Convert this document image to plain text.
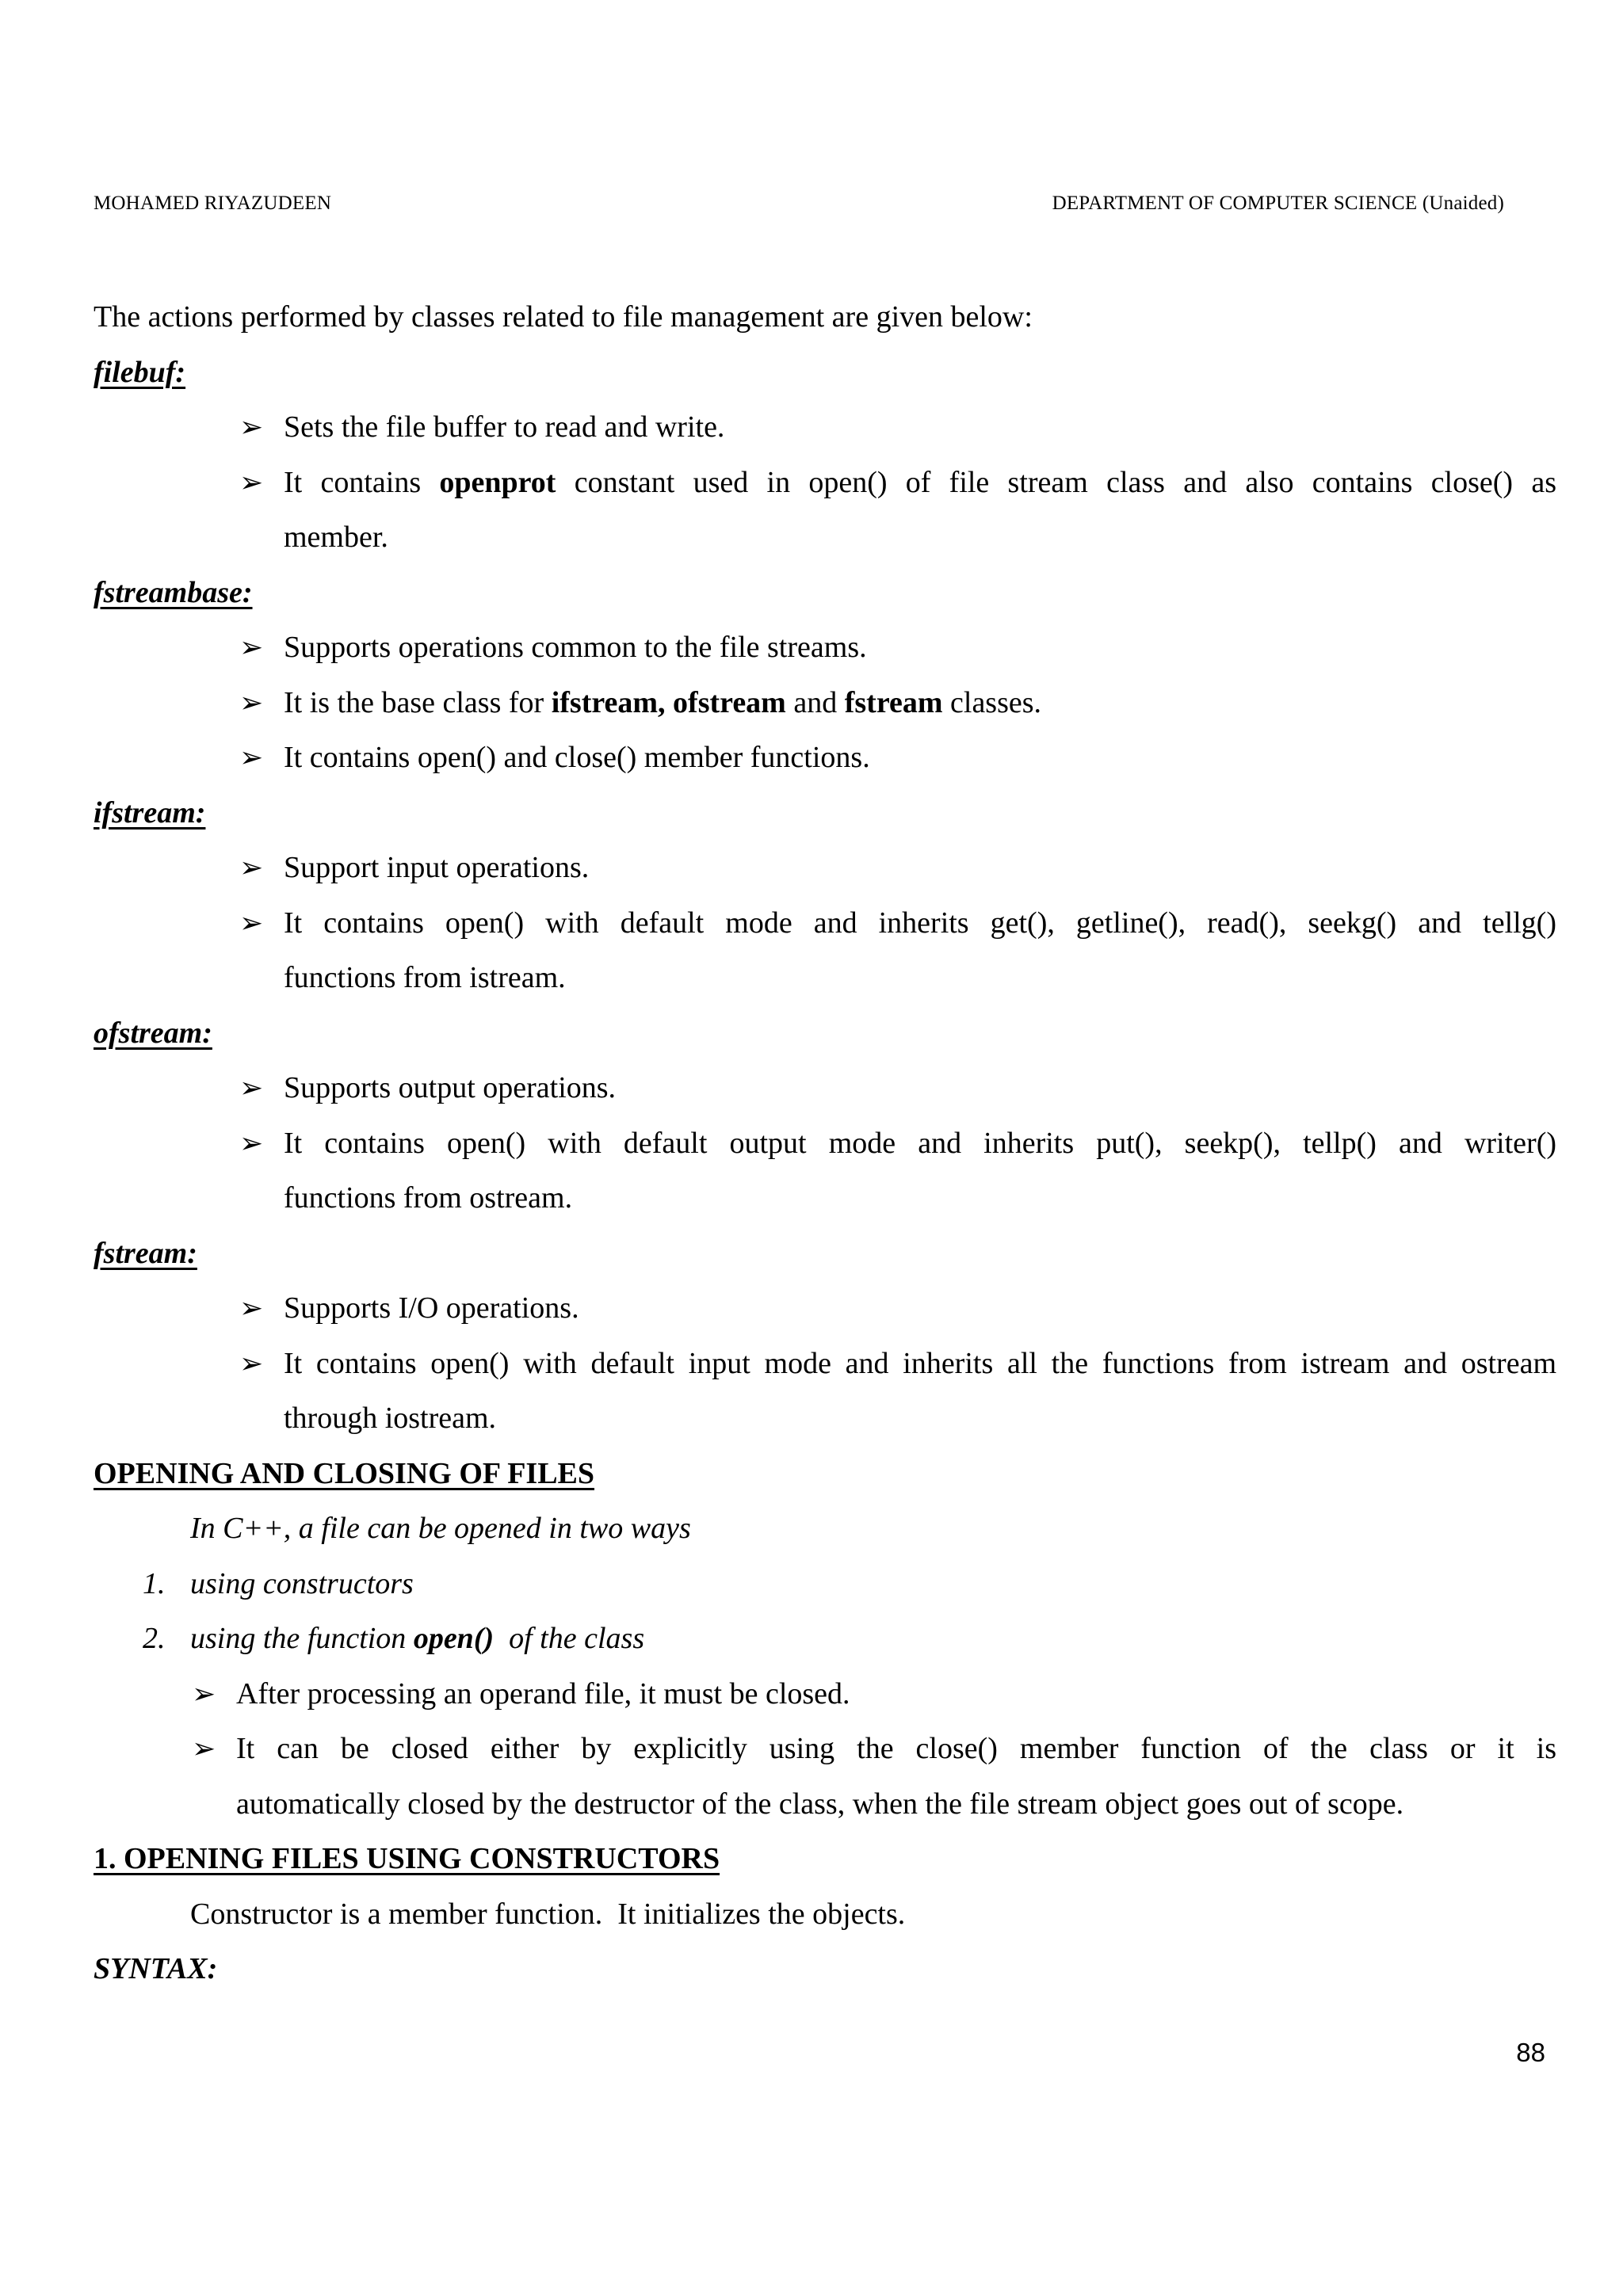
MOHAMED RIYAZUDEEN	DEPARTMENT OF COMPUTER SCIENCE (Unaided)
The actions performed by classes related to file management are given below:
filebuf:
➢ Sets the file buffer to read and write.
➢ It contains openprot constant used in open() of file stream class and also contains close() as
member.
fstreambase:
➢ Supports operations common to the file streams.
➢ It is the base class for ifstream, ofstream and fstream classes.
➢ It contains open() and close() member functions.
ifstream:
➢ Support input operations.
➢ It contains open() with default mode and inherits get(), getline(), read(), seekg() and tellg()
functions from istream.
ofstream:
➢ Supports output operations.
➢ It contains open() with default output mode and inherits put(), seekp(), tellp() and writer()
functions from ostream.
fstream:
➢ Supports I/O operations.
➢ It contains open() with default input mode and inherits all the functions from istream and ostream
through iostream.
OPENING AND CLOSING OF FILES
In C++, a file can be opened in two ways
1. using constructors
2. using the function open()  of the class
➢ After processing an operand file, it must be closed.
➢ It can be closed either by explicitly using the close() member function of the class or it is
automatically closed by the destructor of the class, when the file stream object goes out of scope.
1. OPENING FILES USING CONSTRUCTORS
Constructor is a member function.  It initializes the objects.
SYNTAX:
88
